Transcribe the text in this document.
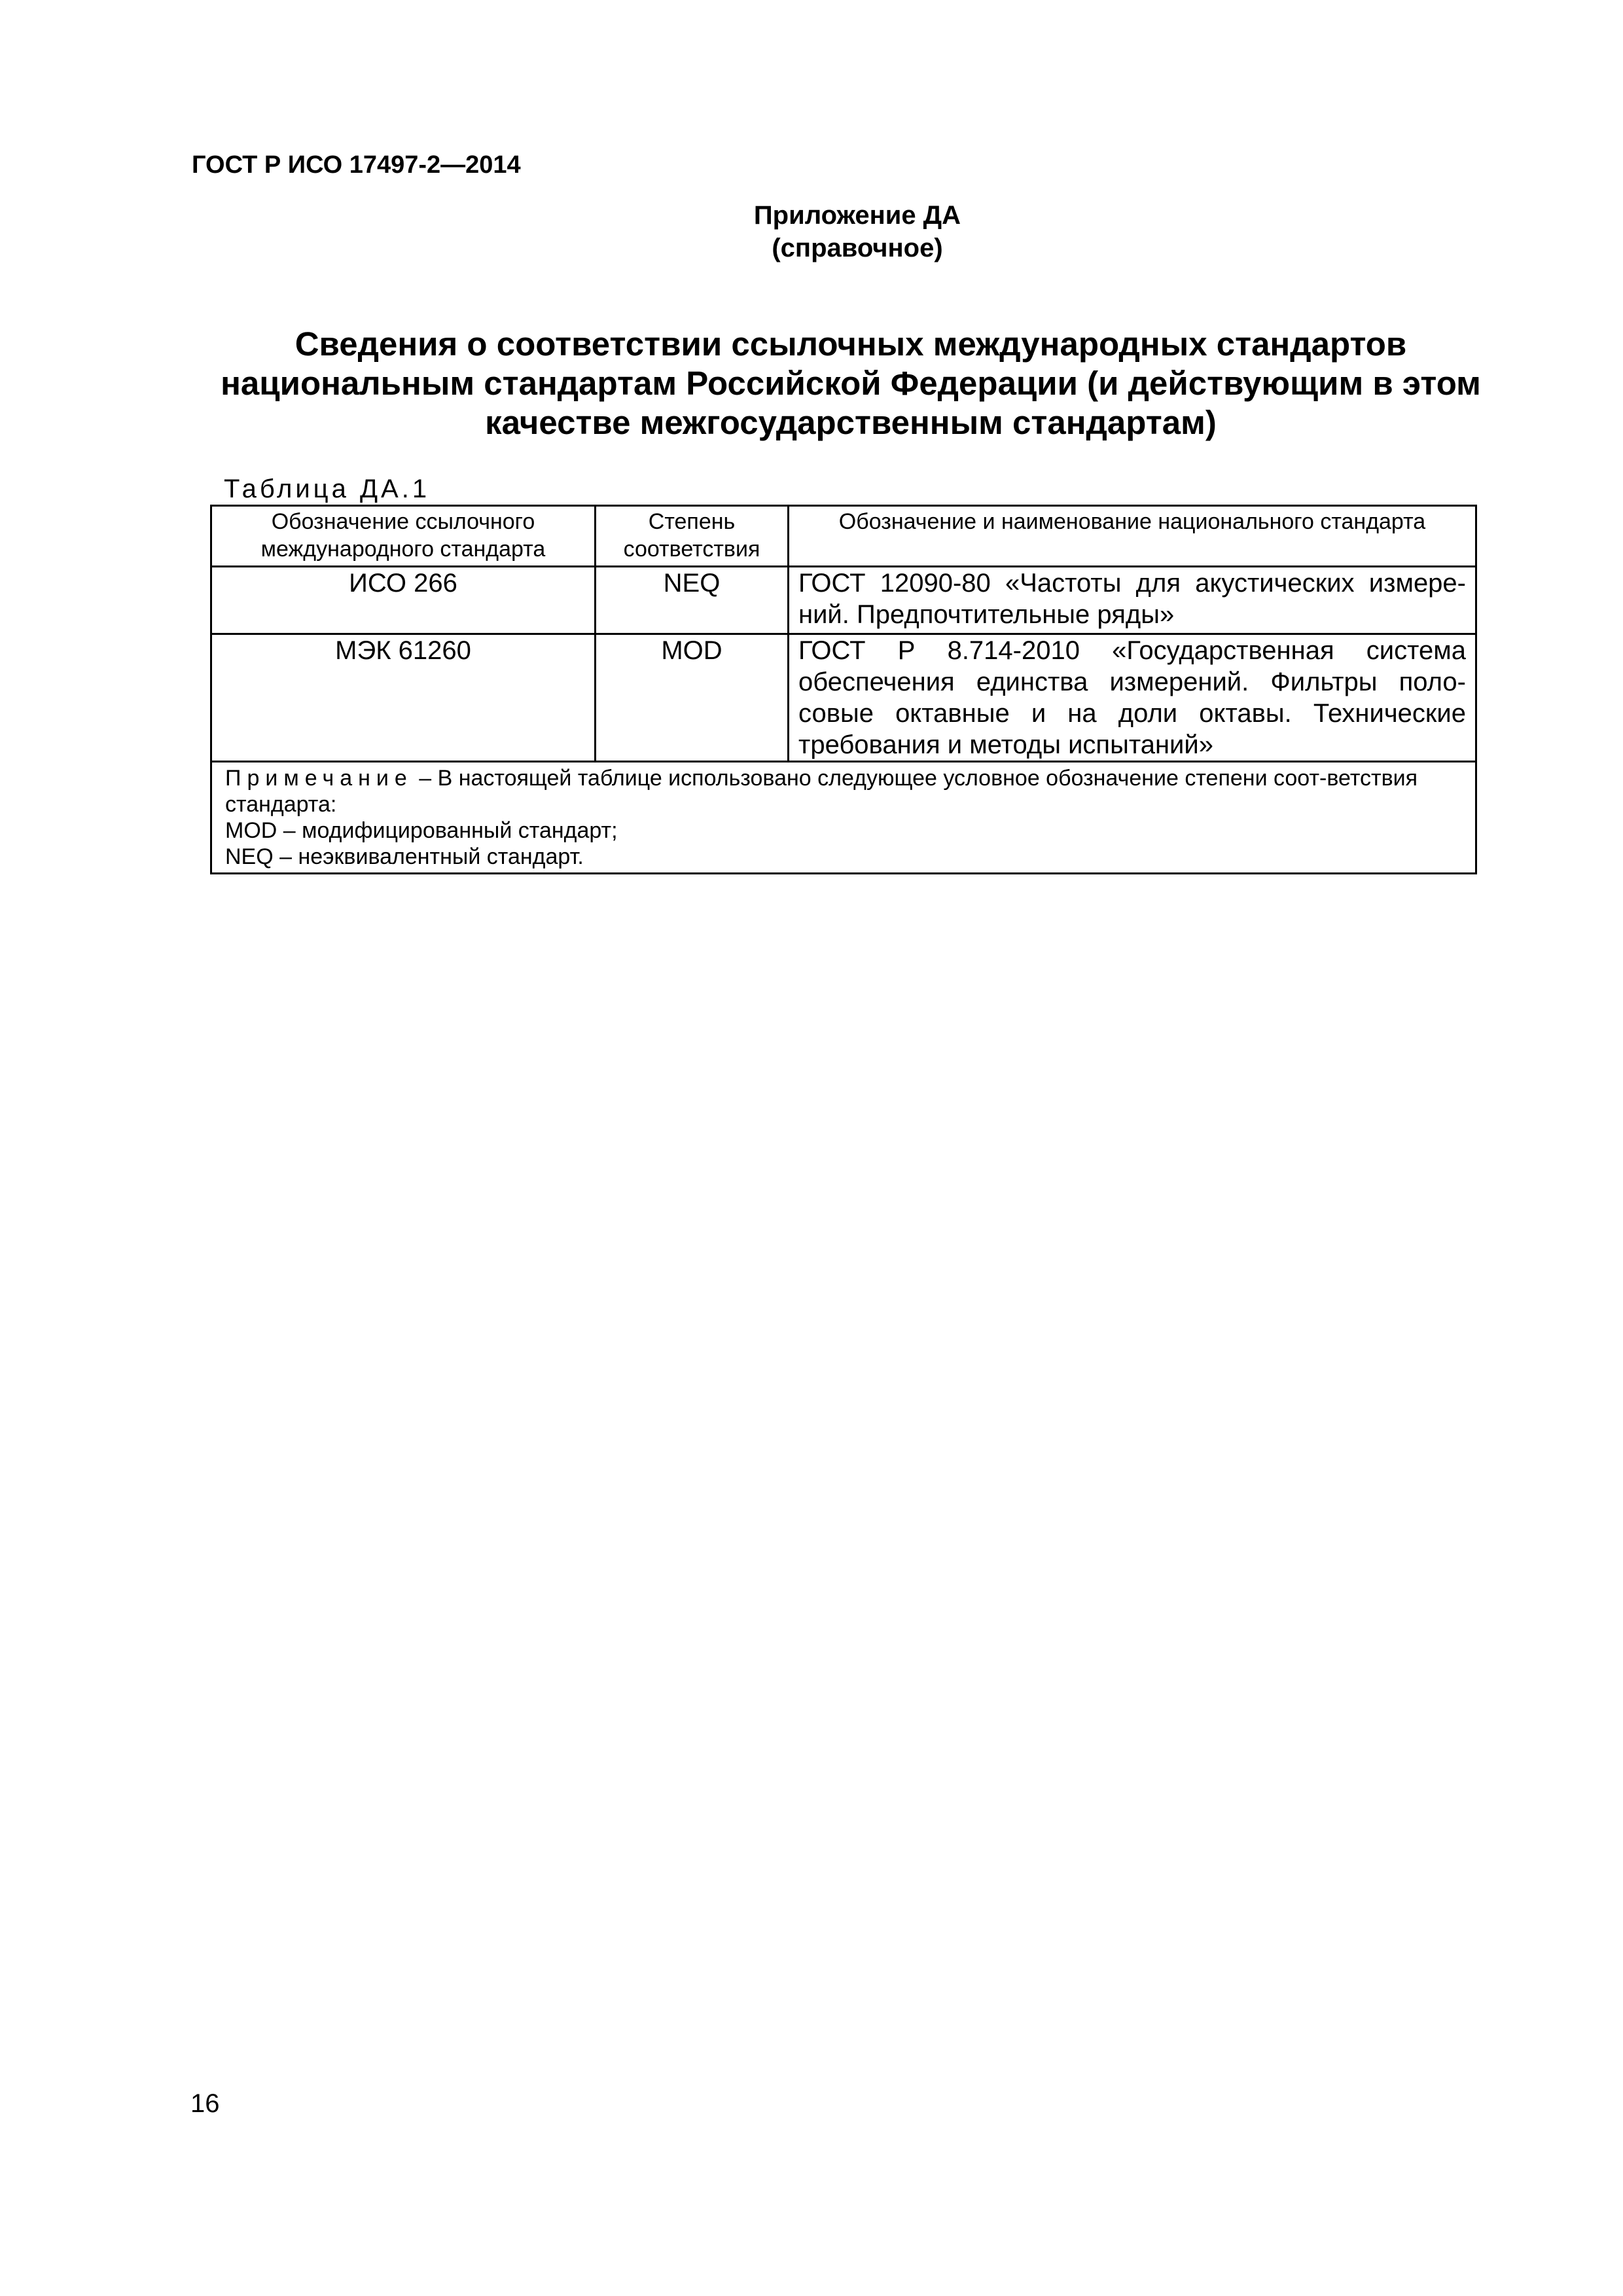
ГОСТ Р ИСО 17497-2—2014
Приложение ДА
(справочное)
Сведения о соответствии ссылочных международных стандартов
национальным стандартам Российской Федерации (и действующим в этом
качестве межгосударственным стандартам)
Таблица ДА.1
Обозначение ссылочного международного стандарта	Степень соответствия	Обозначение и наименование национального стандарта
ИСО 266	NEQ	ГОСТ 12090-80 «Частоты для акустических измере-ний. Предпочтительные ряды»
МЭК 61260	MOD	ГОСТ Р 8.714-2010 «Государственная система обеспечения единства измерений. Фильтры поло-совые октавные и на доли октавы. Технические требования и методы испытаний»

Примечание – В настоящей таблице использовано следующее условное обозначение степени соот-ветствия стандарта:
MOD – модифицированный стандарт;
NEQ – неэквивалентный стандарт.		
16
